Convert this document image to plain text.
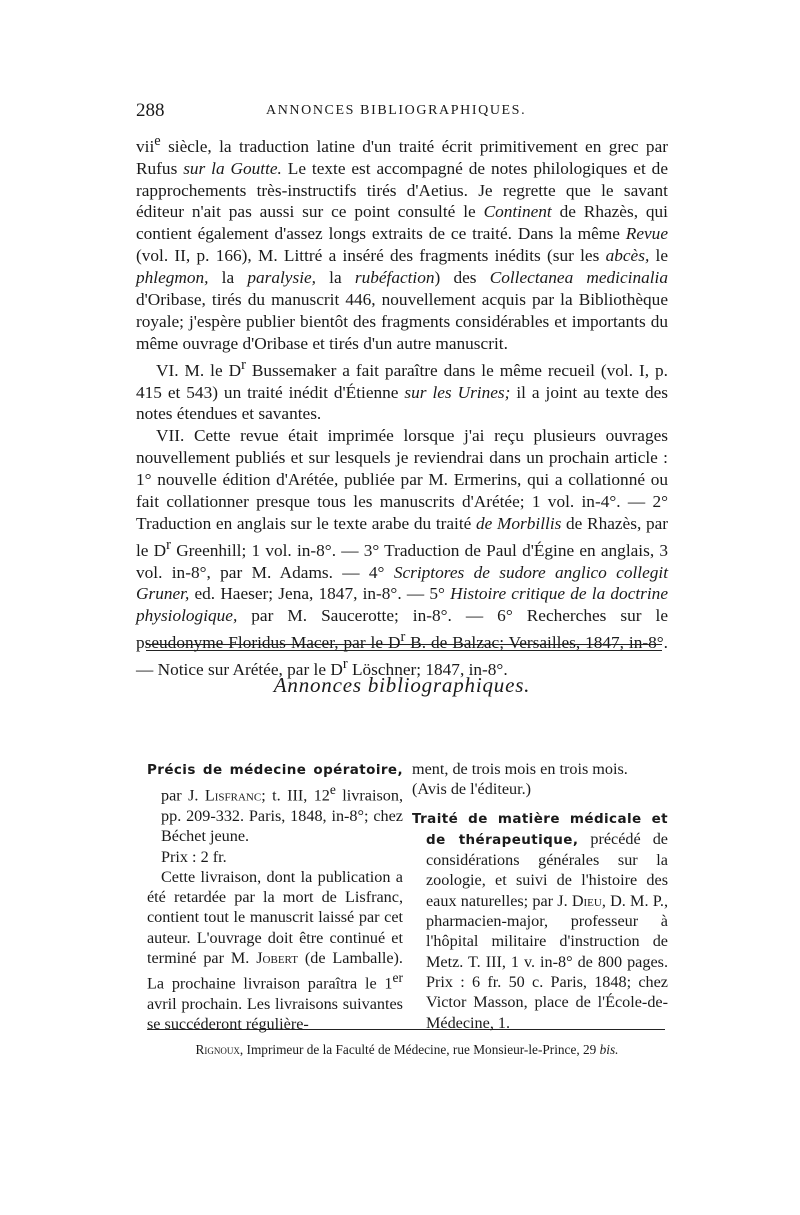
288	ANNONCES BIBLIOGRAPHIQUES.

vii$^e$ siècle, la traduction latine d'un traité écrit primitivement en grec par Rufus sur la Goutte. Le texte est accompagné de notes philologiques et de rapprochements très-instructifs tirés d'Aetius. Je regrette que le savant éditeur n'ait pas aussi sur ce point consulté le Continent de Rhazès, qui contient également d'assez longs extraits de ce traité. Dans la même Revue (vol. II, p. 166), M. Littré a inséré des fragments inédits (sur les abcès, le phlegmon, la paralysie, la rubéfaction) des Collectanea medicinalia d'Oribase, tirés du manuscrit 446, nouvellement acquis par la Bibliothèque royale; j'espère publier bientôt des fragments considérables et importants du même ouvrage d'Oribase et tirés d'un autre manuscrit.

VI. M. le $D^r$ Bussemaker a fait paraître dans le même recueil (vol. I, p. 415 et 543) un traité inédit d'Étienne sur les Urines; il a joint au texte des notes étendues et savantes.

VII. Cette revue était imprimée lorsque j'ai reçu plusieurs ouvrages nouvellement publiés et sur lesquels je reviendrai dans un prochain article : 1° nouvelle édition d'Arétée, publiée par M. Ermerins, qui a collationné ou fait collationner presque tous les manuscrits d'Arétée; 1 vol. in-4°. — 2° Traduction en anglais sur le texte arabe du traité de Morbillis de Rhazès, par le $D^r$ Greenhill; 1 vol. in-8°. — 3° Traduction de Paul d'Égine en anglais, 3 vol. in-8°, par M. Adams. — 4° Scriptores de sudore anglico collegit Gruner, ed. Haeser; Jena, 1847, in-8°. — 5° Histoire critique de la doctrine physiologique, par M. Saucerotte; in-8°. — 6° Recherches sur le pseudonyme Floridus Macer, par le $D^r$ B. de Balzac; Versailles, 1847, in-8°. — Notice sur Arétée, par le $D^r$ Löschner; 1847, in-8°.

Annonces bibliographiques.

Précis de médecine opératoire, par J. Lisfranc; t. III, 12e livraison, pp. 209-332. Paris, 1848, in-8°; chez Béchet jeune.

Prix : 2 fr.

Cette livraison, dont la publication a été retardée par la mort de Lisfranc, contient tout le manuscrit laissé par cet auteur. L'ouvrage doit être continué et terminé par M. Jobert (de Lamballe). La prochaine livraison paraîtra le 1er avril prochain. Les livraisons suivantes se succéderont régulière-

ment, de trois mois en trois mois.

(Avis de l'éditeur.)

Traité de matière médicale et de thérapeutique, précédé de considérations générales sur la zoologie, et suivi de l'histoire des eaux naturelles; par J. Dieu, D. M. P., pharmacien-major, professeur à l'hôpital militaire d'instruction de Metz. T. III, 1 v. in-8° de 800 pages. Prix : 6 fr. 50 c. Paris, 1848; chez Victor Masson, place de l'École-de-Médecine, 1.

Rignoux, Imprimeur de la Faculté de Médecine, rue Monsieur-le-Prince, 29 bis.
